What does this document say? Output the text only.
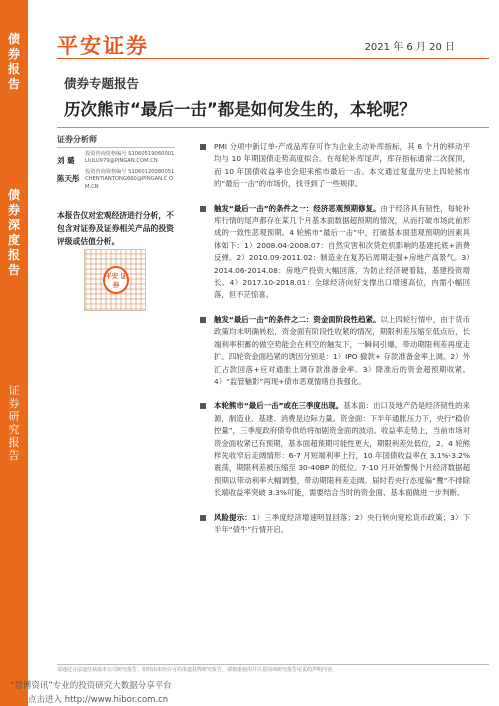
债
券
报
告
债
券
深
度
报
告
证
券
研
究
报
告
平安证券	2021 年 6 月 20 日
债券专题报告
历次熊市“最后一击”都是如何发生的，本轮呢？
证券分析师
刘 璐
投资咨询资格编号 S1060519060001 LIULU979@PINGAN.COM.CN
陈天彤
投资咨询资格编号 S1060120080051 CHENTIANTONG660@PINGAN.C OM.CN
本报告仅对宏观经济进行分析，不包含对证券及证券相关产品的投资评级或估值分析。
平安 证券
PMI 分项中新订单-产成品库存可作为企业主动补库指标，其 6 个月的移动平均与 10 年期国债走势高度拟合。在每轮补库尾声，库存指标通常二次探顶，而 10 年国债收益率也会迎来熊市最后一击。本文通过复盘历史上四轮熊市的“最后一击”的市场价，找寻到了一些规律。
触发“最后一击”的条件之一：经济恶观预期修复。由于经济具有韧性，每轮补库行情的尾声都存在某几个月基本面数据超预期的情况，从而打破市场此前形成的一致性悲观预期。4 轮熊市“最后一击”中，打破基本面悲观预期的因素具体如下：1）2008.04-2008.07：自然灾害和次贷危机影响的基建托底+消费反弹。2）2010.09-2011.02：制造业在复苏后周期走强+房地产高景气。3）2014.06-2014.08：房地产投资大幅回落，为防止经济硬着陆，基建投资增长。4）2017.10-2018.01：全球经济向好支撑出口增速高位，内需小幅回落，但不茫惊喜。
触发“最后一击”的条件之二：资金面阶段性趋紧。以上四轮行情中，由于货币政策均未明确转松，资金面有阶段性收紧的情况，期限利差压缩至低点后，长端利率积蓄的做空势能会在利空的触发下，一瞬间引爆，带动期限利差再度走扩。四轮资金面趋紧的诱因分别是：1）IPO 撤款+ 存款准备金率上调。2）外汇占款回落+应对通胀上调存款准备金率。3）降准后的资金超预期收紧。4）“监管魅影”再现+债市恶观情绪自我强化。
本轮熊市“最后一击”或在三季度出现。基本面：出口及地产仍是经济韧性的来源，制造业、基建、消费是边际力量。资金面：下半年通胀压力下，央行“稳价控量”，三季度政府债券供给将加剧资金面的波动。收益率走势上，当前市场对资金面收紧已有预期，基本面超预期可能性更大，期限利差处低位，2、4 轮熊样先收窄后走阔情形：6-7 月短端利率上行，10 年国债收益率在 3.1%-3.2%震荡，期限利差被压缩至 30-40BP 的低位。7-10 月开始警惕个月经济数据超预期以带动利率大幅调整，带动期限利差走阔。届时若央行态度偏“鹰”不排除长端收益率突破 3.3%可能，需要结合当时的资金面、基本面做进一步判断。
风险提示：1）三季度经济增速明显回落；2）央行转向宽松货币政策；3）下半年“债牛”行情开启。
请通过合法途径获取本公司研究报告，如经由未经许可的渠道获得研究报告，请慎重使用并注意阅读研究报告尾页的声明内容。
“慧博资讯”专业的投资研究大数据分享平台
点击进入 http://www.hibor.com.cn
